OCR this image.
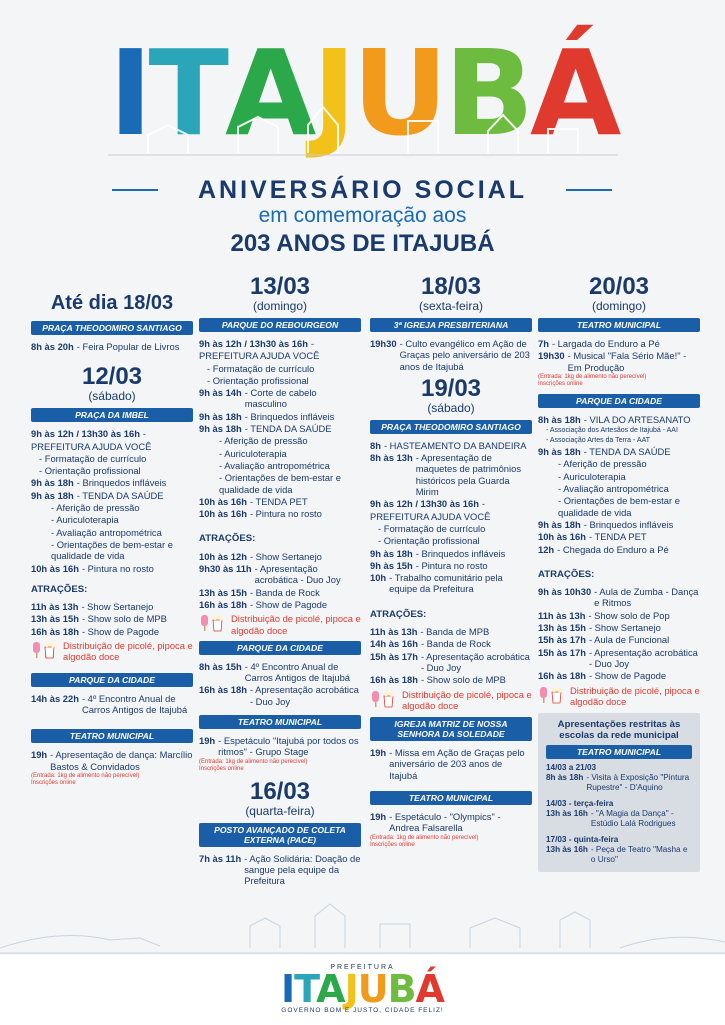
I T A J U B Á
ANIVERSÁRIO SOCIAL
em comemoração aos
203 ANOS DE ITAJUBÁ
Até dia 18/03
PRAÇA THEODOMIRO SANTIAGO
8h às 20h - Feira Popular de Livros
12/03
(sábado)
PRAÇA DA IMBEL
9h às 12h / 13h30 às 16h -
PREFEITURA AJUDA VOCÊ
- Formatação de currículo
- Orientação profissional
9h às 18h - Brinquedos infláveis
9h às 18h - TENDA DA SAÚDE
- Aferição de pressão
- Auriculoterapia
- Avaliação antropométrica
- Orientações de bem-estar e qualidade de vida
10h às 16h - Pintura no rosto
ATRAÇÕES:
11h às 13h - Show Sertanejo
13h às 15h - Show solo de MPB
16h às 18h - Show de Pagode
Distribuição de picolé, pipoca e algodão doce
PARQUE DA CIDADE
14h às 22h - 4º Encontro Anual de Carros Antigos de Itajubá
TEATRO MUNICIPAL
19h - Apresentação de dança: Marcílio Bastos & Convidados
(Entrada: 1kg de alimento não perecível)
Inscrições online
13/03
(domingo)
PARQUE DO REBOURGEON
9h às 12h / 13h30 às 16h -
PREFEITURA AJUDA VOCÊ
- Formatação de currículo
- Orientação profissional
9h às 14h - Corte de cabelo masculino
9h às 18h - Brinquedos infláveis
9h às 18h - TENDA DA SAÚDE
- Aferição de pressão
- Auriculoterapia
- Avaliação antropométrica
- Orientações de bem-estar e qualidade de vida
10h às 16h - TENDA PET
10h às 16h - Pintura no rosto
ATRAÇÕES:
10h às 12h - Show Sertanejo
9h30 às 11h - Apresentação acrobática - Duo Joy
13h às 15h - Banda de Rock
16h às 18h - Show de Pagode
Distribuição de picolé, pipoca e algodão doce
PARQUE DA CIDADE
8h às 15h - 4º Encontro Anual de Carros Antigos de Itajubá
16h às 18h - Apresentação acrobática - Duo Joy
TEATRO MUNICIPAL
19h - Espetáculo "Itajubá por todos os ritmos" - Grupo Stage
(Entrada: 1kg de alimento não perecível)
Inscrições online
16/03
(quarta-feira)
POSTO AVANÇADO DE COLETA EXTERNA (PACE)
7h às 11h - Ação Solidária: Doação de sangue pela equipe da Prefeitura
18/03
(sexta-feira)
3ª IGREJA PRESBITERIANA
19h30 - Culto evangélico em Ação de Graças pelo aniversário de 203 anos de Itajubá
19/03
(sábado)
PRAÇA THEODOMIRO SANTIAGO
8h - HASTEAMENTO DA BANDEIRA
8h às 13h - Apresentação de maquetes de patrimônios históricos pela Guarda Mirim
9h às 12h / 13h30 às 16h -
PREFEITURA AJUDA VOCÊ
- Formatação de currículo
- Orientação profissional
9h às 18h - Brinquedos infláveis
9h às 15h - Pintura no rosto
10h - Trabalho comunitário pela equipe da Prefeitura
ATRAÇÕES:
11h às 13h - Banda de MPB
14h às 16h - Banda de Rock
15h às 17h - Apresentação acrobática - Duo Joy
16h às 18h - Show solo de MPB
Distribuição de picolé, pipoca e algodão doce
IGREJA MATRIZ DE NOSSA SENHORA DA SOLEDADE
19h - Missa em Ação de Graças pelo aniversário de 203 anos de Itajubá
TEATRO MUNICIPAL
19h - Espetáculo - "Olympics" - Andrea Falsarella
(Entrada: 1kg de alimento não perecível)
Inscrições online
20/03
(domingo)
TEATRO MUNICIPAL
7h - Largada do Enduro a Pé
19h30 - Musical "Fala Sério Mãe!" - Em Produção
(Entrada: 1kg de alimento não perecível)
Inscrições online
PARQUE DA CIDADE
8h às 18h - VILA DO ARTESANATO
- Associação dos Artesãos de Itajubá - AAI
- Associação Artes da Terra - AAT
9h às 18h - TENDA DA SAÚDE
- Aferição de pressão
- Auriculoterapia
- Avaliação antropométrica
- Orientações de bem-estar e qualidade de vida
9h às 18h - Brinquedos infláveis
10h às 16h - TENDA PET
12h - Chegada do Enduro a Pé
ATRAÇÕES:
9h às 10h30 - Aula de Zumba - Dança e Ritmos
11h às 13h - Show solo de Pop
13h às 15h - Show Sertanejo
15h às 17h - Aula de Funcional
15h às 17h - Apresentação acrobática - Duo Joy
16h às 18h - Show de Pagode
Distribuição de picolé, pipoca e algodão doce
Apresentações restritas às escolas da rede municipal
TEATRO MUNICIPAL
14/03 a 21/03
8h às 18h - Visita à Exposição "Pintura Rupestre" - D'Aquino
14/03 - terça-feira
13h às 16h - "A Magia da Dança" - Estúdio Lalá Rodrigues
17/03 - quinta-feira
13h às 16h - Peça de Teatro "Masha e o Urso"
PREFEITURA
ITAJUBÁ
GOVERNO BOM E JUSTO, CIDADE FELIZ!
